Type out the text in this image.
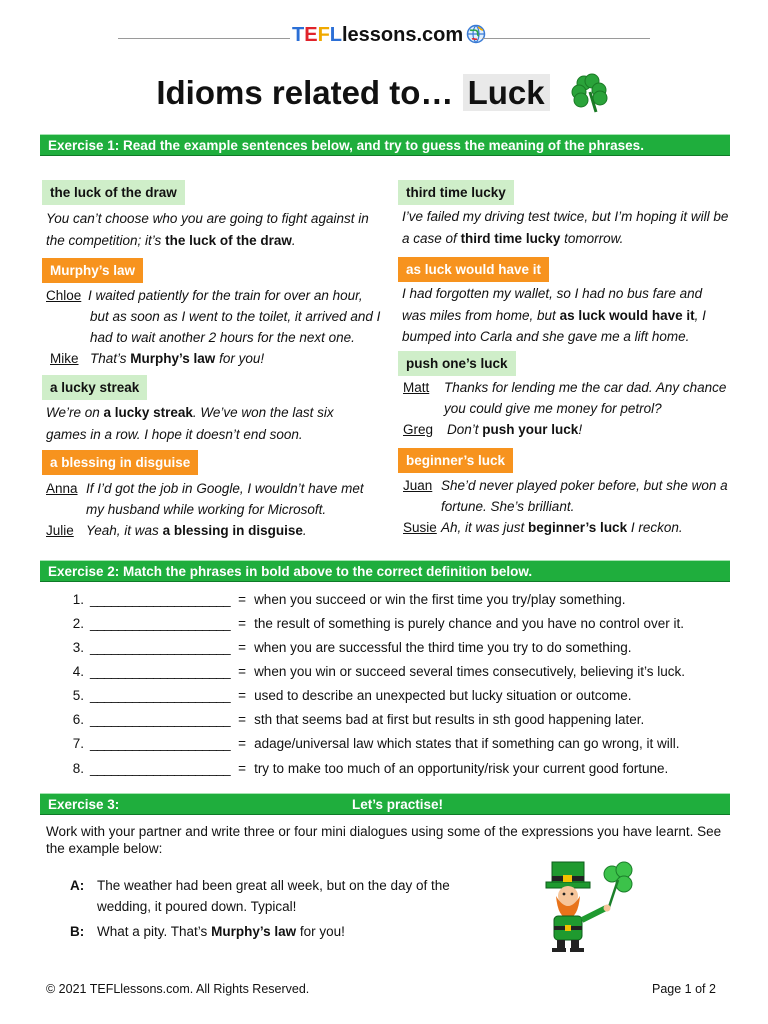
TEFLlessons.com
Idioms related to… Luck
Exercise 1: Read the example sentences below, and try to guess the meaning of the phrases.
the luck of the draw
You can’t choose who you are going to fight against in the competition; it’s the luck of the draw.
Murphy’s law
Chloe I waited patiently for the train for over an hour, but as soon as I went to the toilet, it arrived and I had to wait another 2 hours for the next one.
Mike That’s Murphy’s law for you!
a lucky streak
We’re on a lucky streak. We’ve won the last six games in a row. I hope it doesn’t end soon.
a blessing in disguise
Anna If I’d got the job in Google, I wouldn’t have met my husband while working for Microsoft.
Julie Yeah, it was a blessing in disguise.
third time lucky
I’ve failed my driving test twice, but I’m hoping it will be a case of third time lucky tomorrow.
as luck would have it
I had forgotten my wallet, so I had no bus fare and was miles from home, but as luck would have it, I bumped into Carla and she gave me a lift home.
push one’s luck
Matt	Thanks for lending me the car dad. Any chance you could give me money for petrol?
Greg	Don’t push your luck!
beginner’s luck
Juan She’d never played poker before, but she won a fortune. She’s brilliant.
Susie Ah, it was just beginner’s luck I reckon.
Exercise 2: Match the phrases in bold above to the correct definition below.
1. ____________________ = when you succeed or win the first time you try/play something.
2. ____________________ = the result of something is purely chance and you have no control over it.
3. ____________________ = when you are successful the third time you try to do something.
4. ____________________ = when you win or succeed several times consecutively, believing it’s luck.
5. ____________________ = used to describe an unexpected but lucky situation or outcome.
6. ____________________ = sth that seems bad at first but results in sth good happening later.
7. ____________________ = adage/universal law which states that if something can go wrong, it will.
8. ____________________ = try to make too much of an opportunity/risk your current good fortune.
Exercise 3:	Let’s practise!
Work with your partner and write three or four mini dialogues using some of the expressions you have learnt. See the example below:
A: The weather had been great all week, but on the day of the wedding, it poured down. Typical!
B: What a pity. That’s Murphy’s law for you!
© 2021 TEFLlessons.com. All Rights Reserved.	Page 1 of 2
